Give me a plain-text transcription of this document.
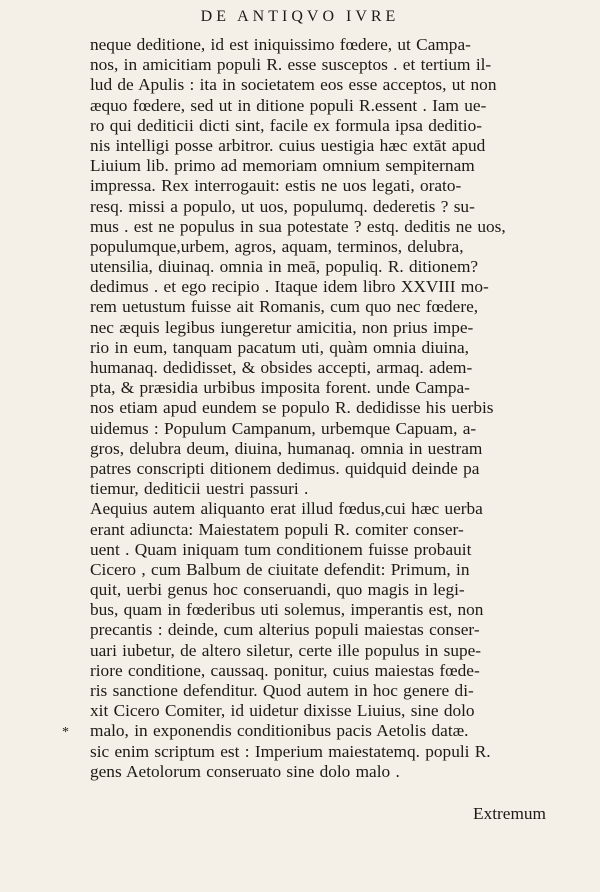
DE ANTIQVO IVRE
*
neque deditione, id est iniquissimo fœdere, ut Campa-
nos, in amicitiam populi R. esse susceptos . et tertium il-
lud de Apulis : ita in societatem eos esse acceptos, ut non
æquo fœdere, sed ut in ditione populi R.essent . Iam ue-
ro qui dediticii dicti sint, facile ex formula ipsa deditio-
nis intelligi posse arbitror. cuius uestigia hæc extāt apud
Liuium lib. primo ad memoriam omnium sempiternam
impressa. Rex interrogauit: estis ne uos legati, orato-
resq. missi a populo, ut uos, populumq. dederetis ? su-
mus . est ne populus in sua potestate ? estq. deditis ne uos,
populumque,urbem, agros, aquam, terminos, delubra,
utensilia, diuinaq. omnia in meā, populiq. R. ditionem?
dedimus . et ego recipio . Itaque idem libro XXVIII mo-
rem uetustum fuisse ait Romanis, cum quo nec fœdere,
nec æquis legibus iungeretur amicitia, non prius impe-
rio in eum, tanquam pacatum uti, quàm omnia diuina,
humanaq. dedidisset, & obsides accepti, armaq. adem-
pta, & præsidia urbibus imposita forent. unde Campa-
nos etiam apud eundem se populo R. dedidisse his uerbis
uidemus : Populum Campanum, urbemque Capuam, a-
gros, delubra deum, diuina, humanaq. omnia in uestram
patres conscripti ditionem dedimus. quidquid deinde pa
tiemur, dediticii uestri passuri .
Aequius autem aliquanto erat illud fœdus,cui hæc uerba
erant adiuncta: Maiestatem populi R. comiter conser-
uent . Quam iniquam tum conditionem fuisse probauit
Cicero , cum Balbum de ciuitate defendit: Primum, in
quit, uerbi genus hoc conseruandi, quo magis in legi-
bus, quam in fœderibus uti solemus, imperantis est, non
precantis : deinde, cum alterius populi maiestas conser-
uari iubetur, de altero siletur, certe ille populus in supe-
riore conditione, caussaq. ponitur, cuius maiestas fœde-
ris sanctione defenditur. Quod autem in hoc genere di-
xit Cicero Comiter, id uidetur dixisse Liuius, sine dolo
malo, in exponendis conditionibus pacis Aetolis datæ.
sic enim scriptum est : Imperium maiestatemq. populi R.
gens Aetolorum conseruato sine dolo malo .
Extremum
